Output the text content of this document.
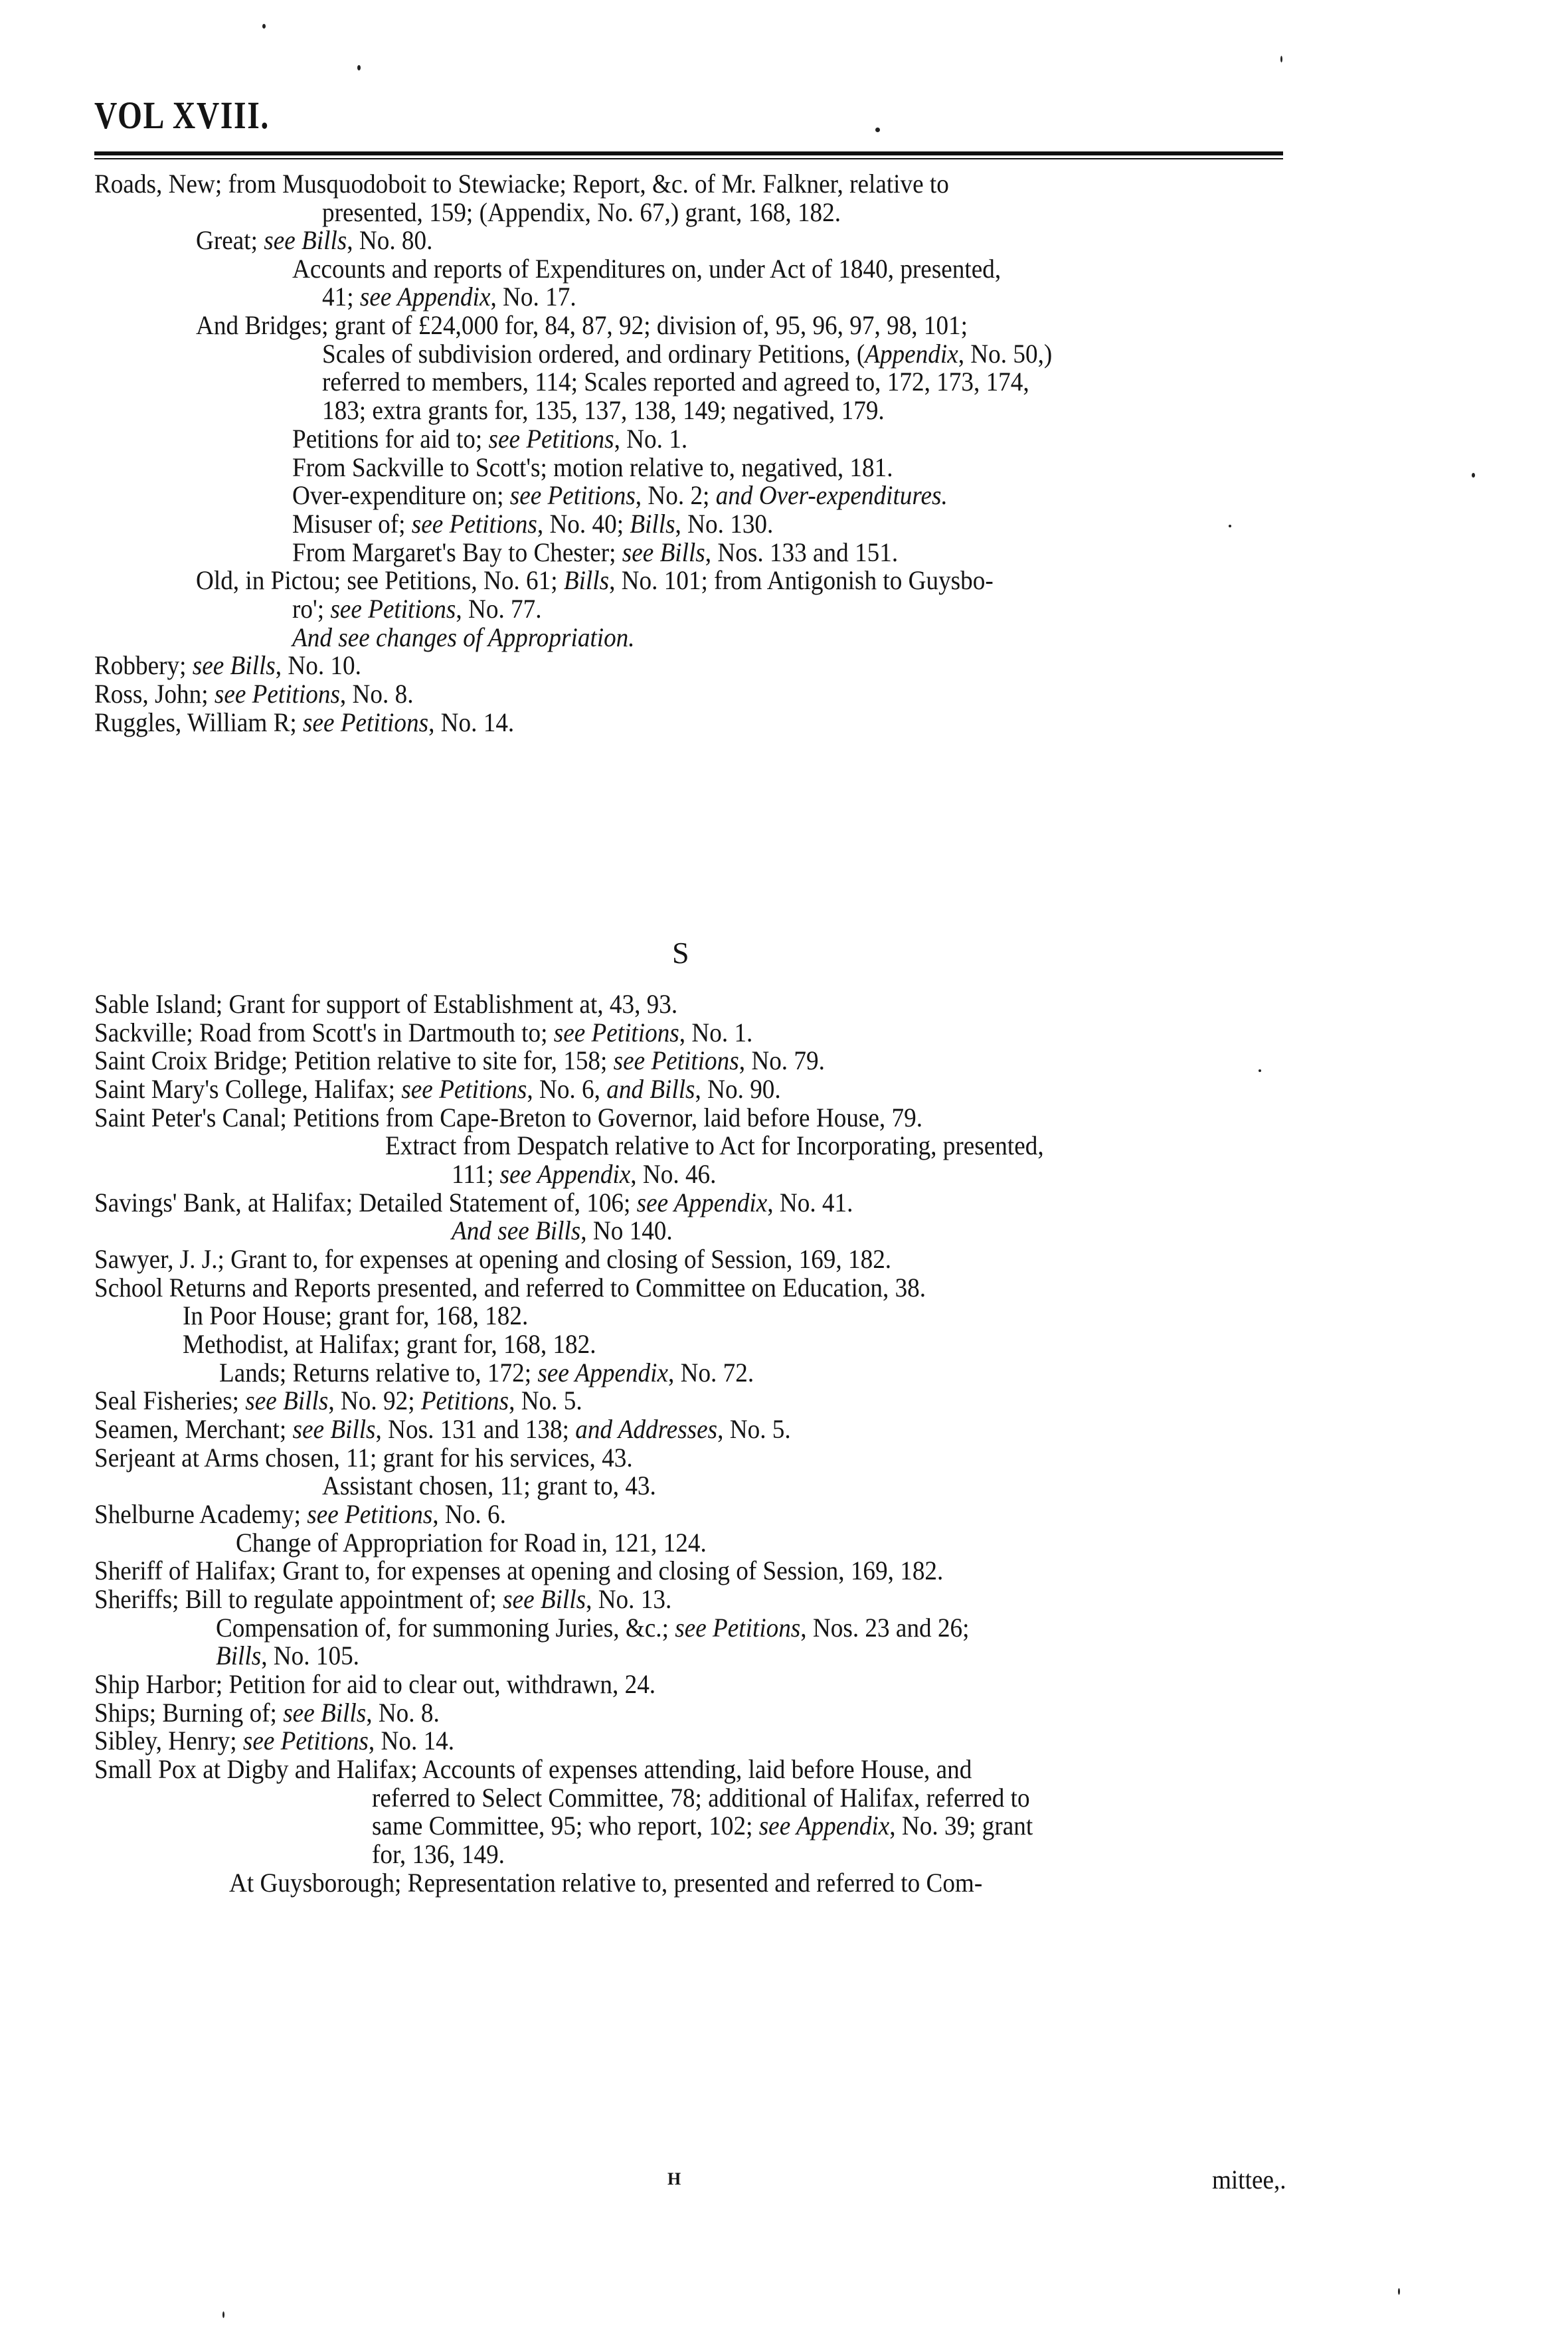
VOL XVIII.
Roads, New; from Musquodoboit to Stewiacke; Report, &c. of Mr. Falkner, relative to
presented, 159; (Appendix, No. 67,) grant, 168, 182.
Great; see Bills, No. 80.
Accounts and reports of Expenditures on, under Act of 1840, presented,
41; see Appendix, No. 17.
And Bridges; grant of £24,000 for, 84, 87, 92; division of, 95, 96, 97, 98, 101;
Scales of subdivision ordered, and ordinary Petitions, (Appendix, No. 50,)
referred to members, 114; Scales reported and agreed to, 172, 173, 174,
183; extra grants for, 135, 137, 138, 149; negatived, 179.
Petitions for aid to; see Petitions, No. 1.
From Sackville to Scott's; motion relative to, negatived, 181.
Over-expenditure on; see Petitions, No. 2; and Over-expenditures.
Misuser of; see Petitions, No. 40; Bills, No. 130.
From Margaret's Bay to Chester; see Bills, Nos. 133 and 151.
Old, in Pictou; see Petitions, No. 61; Bills, No. 101; from Antigonish to Guysbo-
ro'; see Petitions, No. 77.
And see changes of Appropriation.
Robbery; see Bills, No. 10.
Ross, John; see Petitions, No. 8.
Ruggles, William R; see Petitions, No. 14.
Sable Island; Grant for support of Establishment at, 43, 93.
Sackville; Road from Scott's in Dartmouth to; see Petitions, No. 1.
Saint Croix Bridge; Petition relative to site for, 158; see Petitions, No. 79.
Saint Mary's College, Halifax; see Petitions, No. 6, and Bills, No. 90.
Saint Peter's Canal; Petitions from Cape-Breton to Governor, laid before House, 79.
Extract from Despatch relative to Act for Incorporating, presented,
111; see Appendix, No. 46.
Savings' Bank, at Halifax; Detailed Statement of, 106; see Appendix, No. 41.
And see Bills, No 140.
Sawyer, J. J.; Grant to, for expenses at opening and closing of Session, 169, 182.
School Returns and Reports presented, and referred to Committee on Education, 38.
In Poor House; grant for, 168, 182.
Methodist, at Halifax; grant for, 168, 182.
Lands; Returns relative to, 172; see Appendix, No. 72.
Seal Fisheries; see Bills, No. 92; Petitions, No. 5.
Seamen, Merchant; see Bills, Nos. 131 and 138; and Addresses, No. 5.
Serjeant at Arms chosen, 11; grant for his services, 43.
Assistant chosen, 11; grant to, 43.
Shelburne Academy; see Petitions, No. 6.
Change of Appropriation for Road in, 121, 124.
Sheriff of Halifax; Grant to, for expenses at opening and closing of Session, 169, 182.
Sheriffs; Bill to regulate appointment of; see Bills, No. 13.
Compensation of, for summoning Juries, &c.; see Petitions, Nos. 23 and 26;
Bills, No. 105.
Ship Harbor; Petition for aid to clear out, withdrawn, 24.
Ships; Burning of; see Bills, No. 8.
Sibley, Henry; see Petitions, No. 14.
Small Pox at Digby and Halifax; Accounts of expenses attending, laid before House, and
referred to Select Committee, 78; additional of Halifax, referred to
same Committee, 95; who report, 102; see Appendix, No. 39; grant
for, 136, 149.
At Guysborough; Representation relative to, presented and referred to Com-
mittee,.
S
H
